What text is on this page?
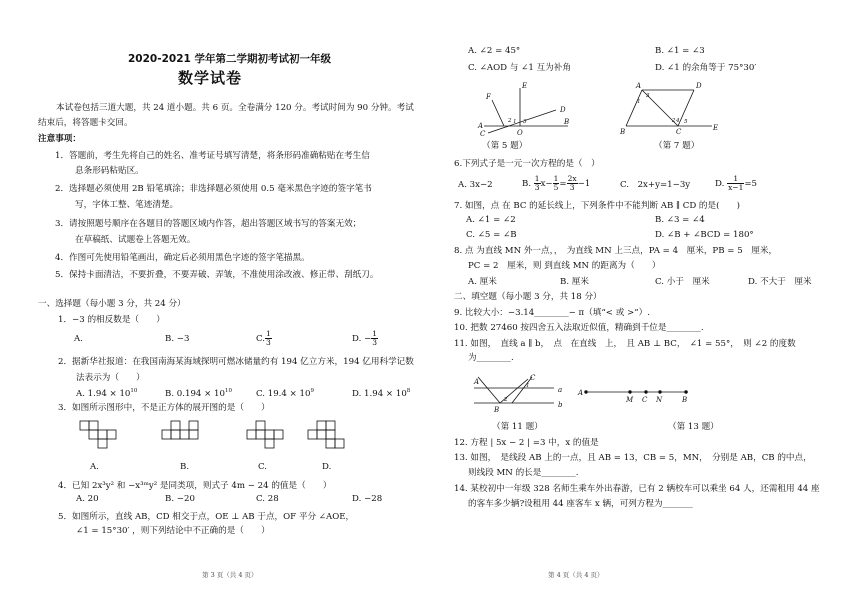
2020-2021 学年第二学期初考试初一年级
数学试卷
本试卷包括三道大题，共 24 道小题。共 6 页。全卷满分 120 分。考试时间为 90 分钟。考试
结束后，将答题卡交回。
注意事项：
1．答题前，考生先将自己的姓名、准考证号填写清楚，将条形码准确粘贴在考生信
息条形码粘贴区。
2．选择题必须使用 2B 铅笔填涂；非选择题必须使用 0.5 毫米黑色字迹的签字笔书
写，字体工整、笔迹清楚。
3．请按照题号顺序在各题目的答题区域内作答，超出答题区域书写的答案无效；
在草稿纸、试题卷上答题无效。
4．作图可先使用铅笔画出，确定后必须用黑色字迹的签字笔描黑。
5．保持卡面清洁，不要折叠，不要弄破、弄皱，不准使用涂改液、修正带、刮纸刀。
一、选择题（每小题 3 分，共 24 分）
1．−3 的相反数是（　　）
A.	B. −3	C. $\frac{1}{3}$	D. − $\frac{1}{3}$
2．据新华社报道：在我国南海某海域探明可燃冰储量约有 194 亿立方米，194 亿用科学记数
法表示为（　　）
A. $1.94 \times 10^{10}$	B. $0.194 \times 10^{10}$	C. $19.4 \times 10^9$	D. $1.94 \times 10^8$
3．如图所示图形中，不是正方体的展开图的是（　　）
A.	B.	C.	D.
4．已知 2x³y² 和 −x³ᵐy² 是同类项，则式子 4m − 24 的值是（　　）
A. 20	B. −20	C. 28	D. −28
5．如图所示，直线 AB，CD 相交于点，OE ⊥ AB 于点，OF 平分 ∠AOE，
∠1 = 15°30′ ，则下列结论中不正确的是（　　）
第 3 页（共 4 页）
A. ∠2 = 45°	B. ∠1 = ∠3
C. ∠AOD 与 ∠1 互为补角	D. ∠1 的余角等于 75°30′
F
E
D
A	B
C	O
1
2 3
A	D
B	C	E
1
2
3
4 5
A	C
a
b
B
1
2
A
M C N	B
（第 5 题）	（第 7 题）
6.下列式子是一元一次方程的是（　）
A. 3x−2	B. $\frac{1}{3} x- \frac{1}{5} = \frac{2x}{3} -1$	C.　2x+y=1−3y	D. $\frac{1}{x-1} =5$
7. 如图，点 在 BC 的延长线上，下列条件中不能判断 AB ∥ CD 的是(　　)
A. ∠1 = ∠2	B. ∠3 = ∠4
C. ∠5 = ∠B	D. ∠B + ∠BCD = 180°
8. 点 为直线 MN 外一点，，　为直线 MN 上三点，PA = 4　厘米，PB = 5　厘米，
PC = 2　厘米，则 到直线 MN 的距离为（　　）
A. 厘米	B. 厘米	C. 小于　厘米	D. 不大于　厘米
二、填空题（每小题 3 分，共 18 分）
9. 比较大小：−3.14________− π（填“< 或 >”）.
10. 把数 27460 按四舍五入法取近似值，精确到千位是________.
11. 如图，　直线 a ∥ b，　点　在直线　上，　且 AB ⊥ BC，　∠1 = 55°，　则 ∠2 的度数
为________.
（第 11 题）	（第 13 题）
12. 方程 | 5x − 2 | =3 中，x 的值是
13. 如图，　是线段 AB 上的一点，且 AB = 13，CB = 5，MN，　分别是 AB，CB 的中点，
则线段 MN 的长是________.
14. 某校初中一年级 328 名师生乘车外出春游，已有 2 辆校车可以乘坐 64 人，还需租用 44 座
的客车多少辆?设租用 44 座客车 x 辆，可列方程为_______
第 4 页（共 4 页）
